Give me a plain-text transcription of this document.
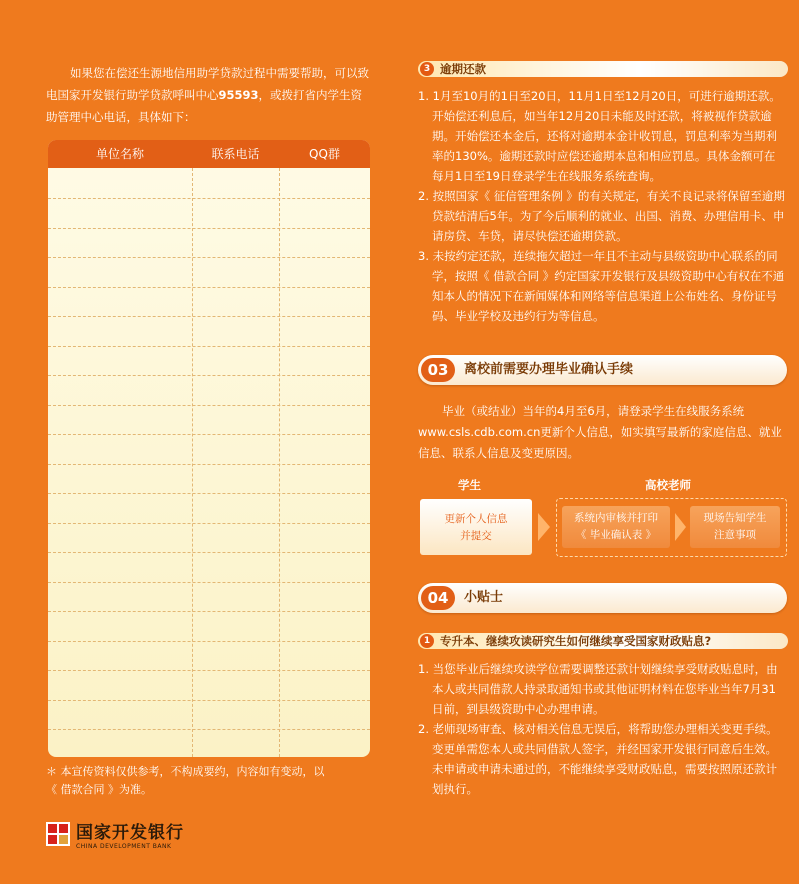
如果您在偿还生源地信用助学贷款过程中需要帮助，可以致电国家开发银行助学贷款呼叫中心95593，或拨打省内学生资助管理中心电话，具体如下：
单位名称	联系电话	QQ群
＊ 本宣传资料仅供参考，不构成要约，内容如有变动，以
《 借款合同 》为准。
国家开发银行
CHINA DEVELOPMENT BANK
3 逾期还款
1. 1月至10月的1日至20日，11月1日至12月20日，可进行逾期还款。开始偿还利息后，如当年12月20日未能及时还款，将被视作贷款逾期。开始偿还本金后，还将对逾期本金计收罚息，罚息利率为当期利率的130%。逾期还款时应偿还逾期本息和相应罚息。具体金额可在每月1日至19日登录学生在线服务系统查询。
2. 按照国家《 征信管理条例 》的有关规定，有关不良记录将保留至逾期贷款结清后5年。为了今后顺利的就业、出国、消费、办理信用卡、申请房贷、车贷，请尽快偿还逾期贷款。
3. 未按约定还款，连续拖欠超过一年且不主动与县级资助中心联系的同学，按照《 借款合同 》约定国家开发银行及县级资助中心有权在不通知本人的情况下在新闻媒体和网络等信息渠道上公布姓名、身份证号码、毕业学校及违约行为等信息。
03	离校前需要办理毕业确认手续
毕业（或结业）当年的4月至6月，请登录学生在线服务系统www.csls.cdb.com.cn更新个人信息，如实填写最新的家庭信息、就业信息、联系人信息及变更原因。
学生	高校老师
更新个人信息
并提交
系统内审核并打印
《 毕业确认表 》
现场告知学生
注意事项
04	小贴士
1 专升本、继续攻读研究生如何继续享受国家财政贴息?
1. 当您毕业后继续攻读学位需要调整还款计划继续享受财政贴息时，由本人或共同借款人持录取通知书或其他证明材料在您毕业当年7月31日前，到县级资助中心办理申请。
2. 老师现场审查、核对相关信息无误后，将帮助您办理相关变更手续。变更单需您本人或共同借款人签字，并经国家开发银行同意后生效。未申请或申请未通过的，不能继续享受财政贴息，需要按照原还款计划执行。
